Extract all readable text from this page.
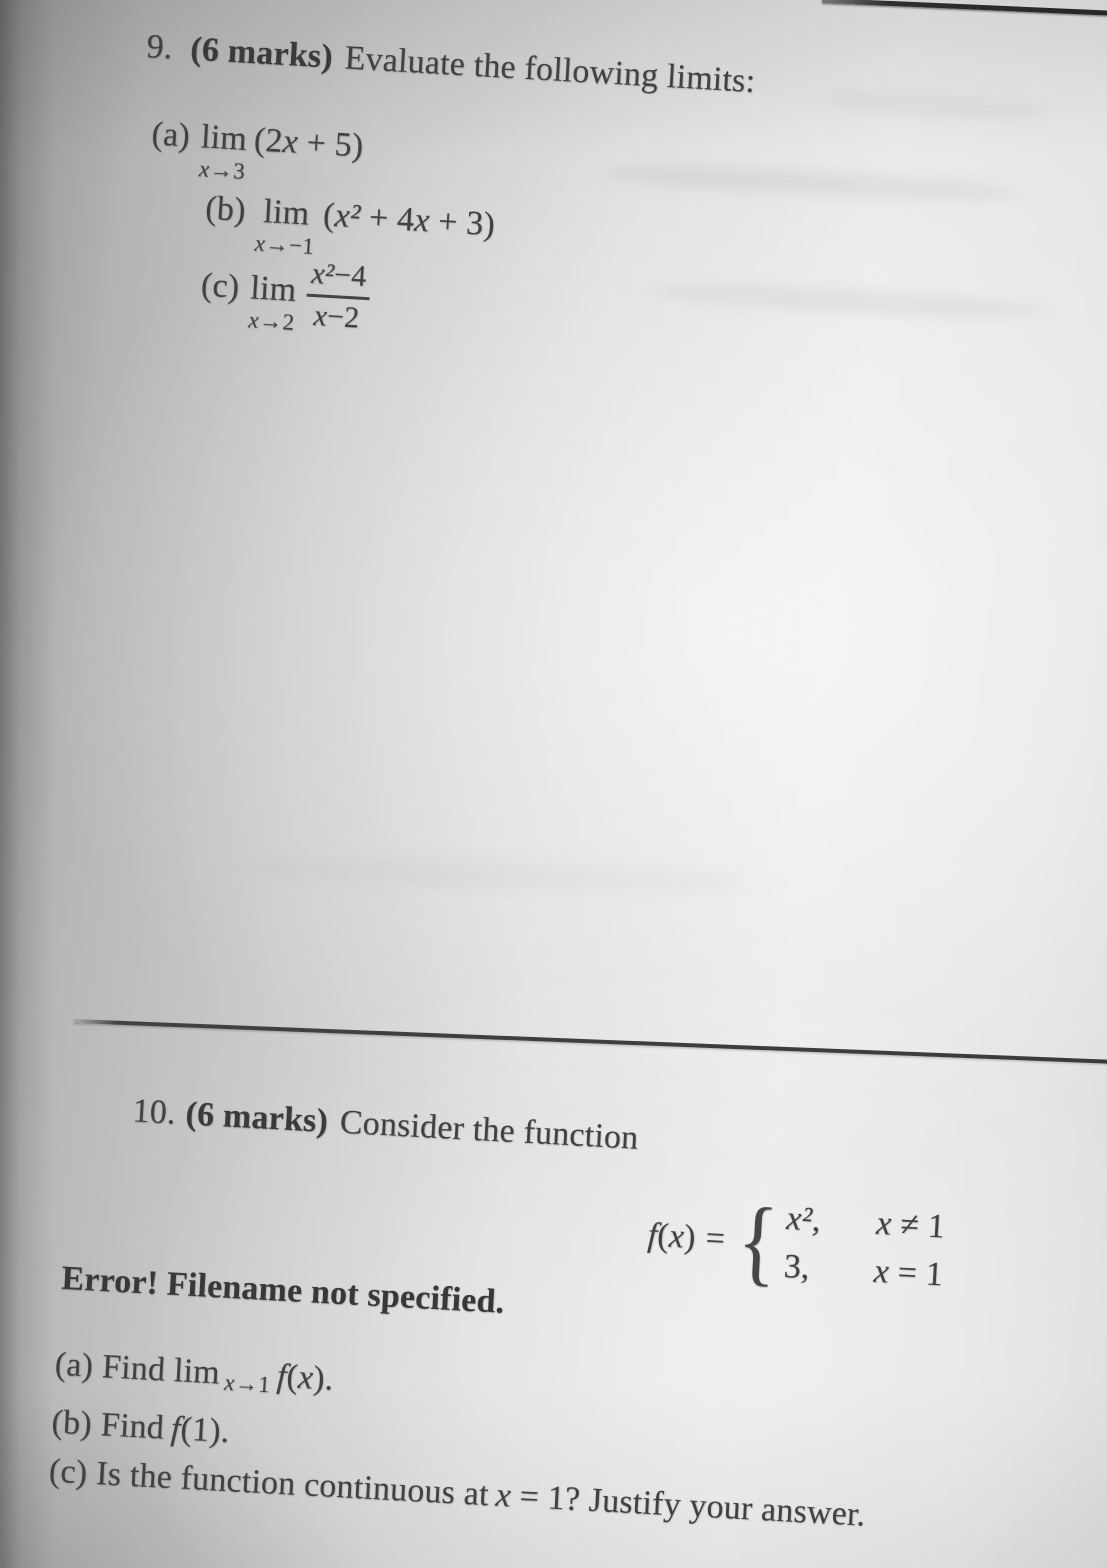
9. (6 marks) Evaluate the following limits:
(a) lim
x→3
(2x + 5)
(b) lim
x→−1
(x² + 4x + 3)
(c) lim
$x\to 2 \frac{\text{x²−4}}{x-2}$
10. (6 marks) Consider the function
f(x) = { x²,	x ≠ 1
3,	x = 1
Error! Filename not specified.
(a) Find lim x→1 f(x).
(b) Find f(1).
(c) Is the function continuous at x = 1? Justify your answer.
